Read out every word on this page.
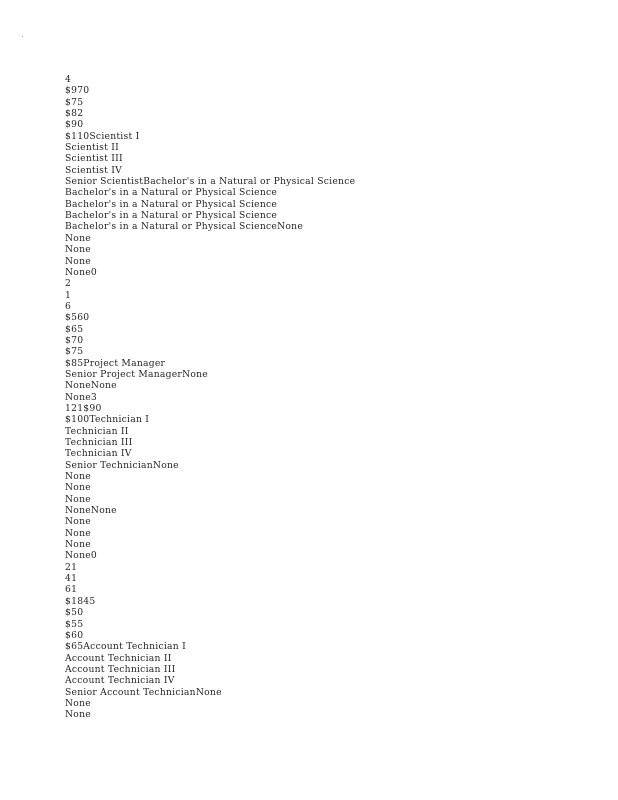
4
$970
$75
$82
$90
$110Scientist I
Scientist II
Scientist III
Scientist IV
Senior ScientistBachelor's in a Natural or Physical Science
Bachelor's in a Natural or Physical Science
Bachelor's in a Natural or Physical Science
Bachelor's in a Natural or Physical Science
Bachelor's in a Natural or Physical ScienceNone
None
None
None
None0
2
1
6
$560
$65
$70
$75
$85Project Manager
Senior Project ManagerNone
NoneNone
None3
121$90
$100Technician I
Technician II
Technician III
Technician IV
Senior TechnicianNone
None
None
None
NoneNone
None
None
None
None0
21
41
61
$1845
$50
$55
$60
$65Account Technician I
Account Technician II
Account Technician III
Account Technician IV
Senior Account TechnicianNone
None
None
